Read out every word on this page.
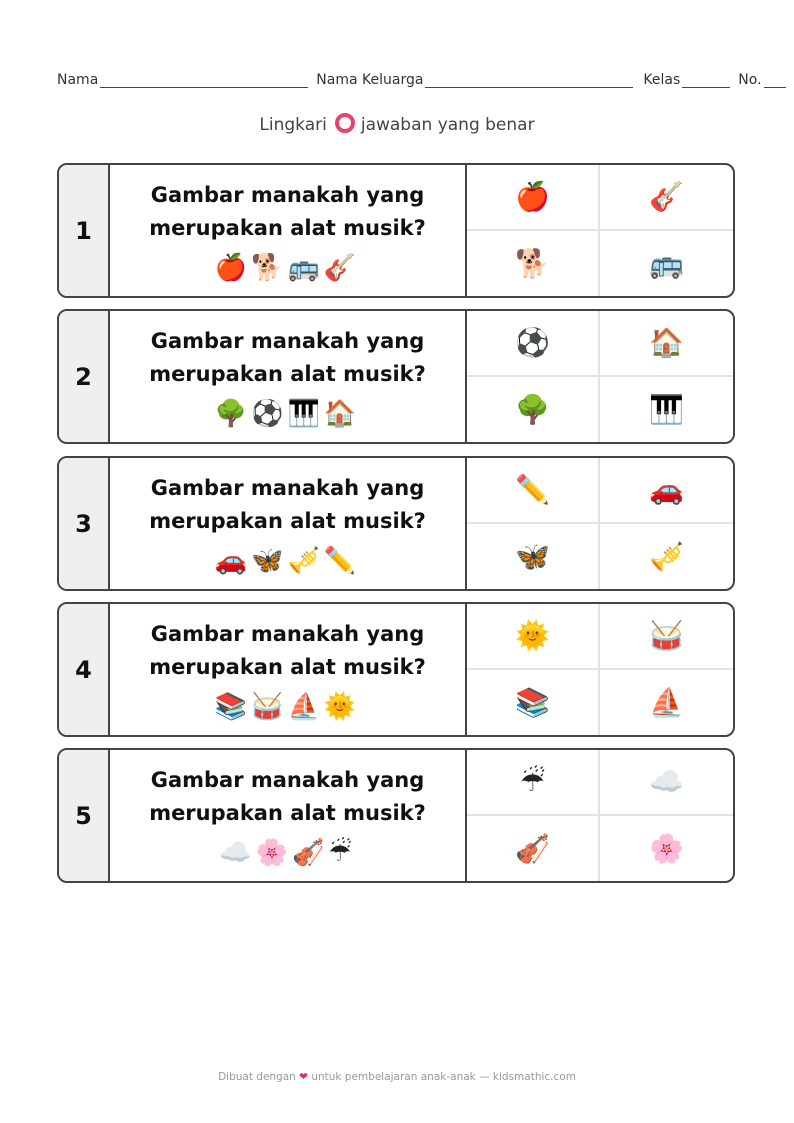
Nama	Nama Keluarga	Kelas	No.
Lingkari jawaban yang benar
1
Gambar manakah yang
merupakan alat musik?
🍎🐕🚌🎸
🍎	🎸
🐕	🚌
2
Gambar manakah yang
merupakan alat musik?
🌳⚽🎹🏠
⚽	🏠
🌳	🎹
3
Gambar manakah yang
merupakan alat musik?
🚗🦋🎺✏️
✏️	🚗
🦋	🎺
4
Gambar manakah yang
merupakan alat musik?
📚🥁⛵🌞
🌞	🥁
📚	⛵
5
Gambar manakah yang
merupakan alat musik?
☁️🌸🎻☔
☔	☁️
🎻	🌸
Dibuat dengan ❤ untuk pembelajaran anak-anak — kidsmathic.com
